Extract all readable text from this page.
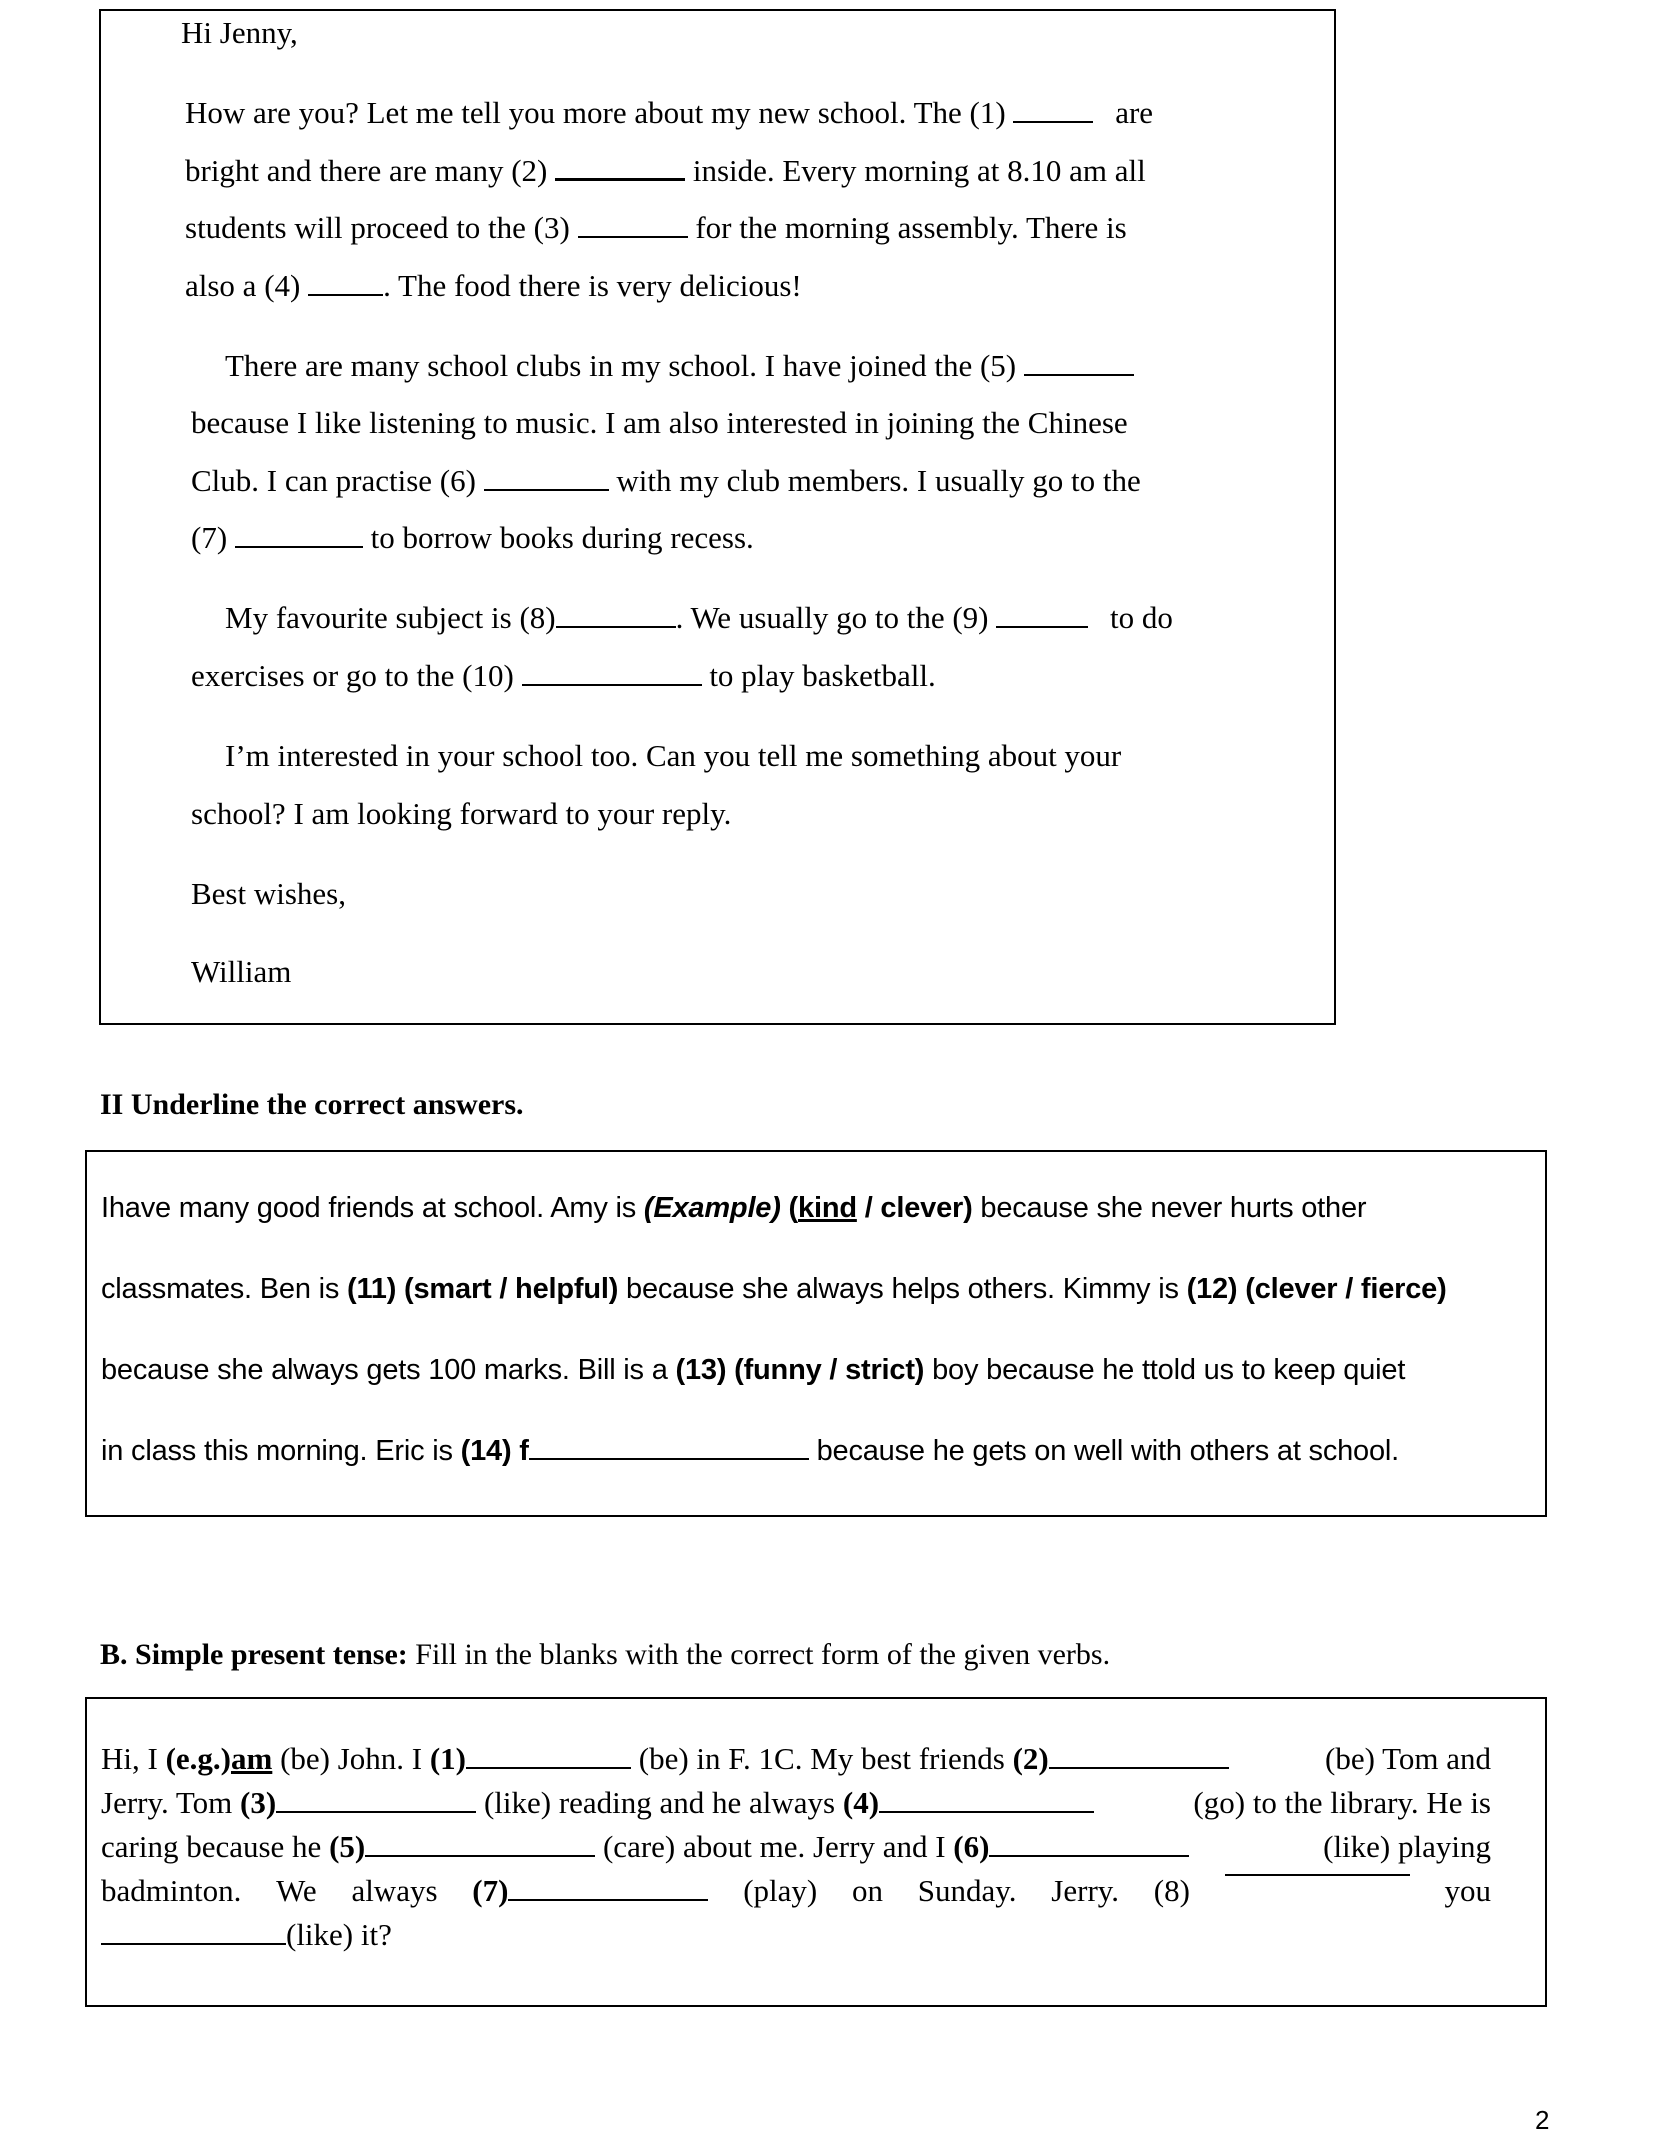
Hi Jenny,
How are you? Let me tell you more about my new school. The (1)	are
bright and there are many (2)	inside. Every morning at 8.10 am all
students will proceed to the (3)	for the morning assembly. There is
also a (4)	. The food there is very delicious!
There are many school clubs in my school. I have joined the (5)
because I like listening to music. I am also interested in joining the Chinese
Club. I can practise (6)	with my club members. I usually go to the
(7)	to borrow books during recess.
My favourite subject is (8)	. We usually go to the (9)	to do
exercises or go to the (10)	to play basketball.
I’m interested in your school too. Can you tell me something about your
school? I am looking forward to your reply.
Best wishes,
William
II Underline the correct answers.
Ihave many good friends at school. Amy is (Example) (kind / clever) because she never hurts other
classmates. Ben is (11) (smart / helpful) because she always helps others. Kimmy is (12) (clever / fierce)
because she always gets 100 marks. Bill is a (13) (funny / strict) boy because he ttold us to keep quiet
in class this morning. Eric is (14) f	because he gets on well with others at school.
B. Simple present tense: Fill in the blanks with the correct form of the given verbs.
Hi, I (e.g.)am (be) John. I (1)	(be) in F. 1C. My best friends (2)	(be) Tom and
Jerry. Tom (3)	(like) reading and he always (4)	(go) to the library. He is
caring because he (5)	(care) about me. Jerry and I (6)	(like) playing
badminton. We always (7)	(play) on Sunday. Jerry. (8)	you
(like) it?
2
